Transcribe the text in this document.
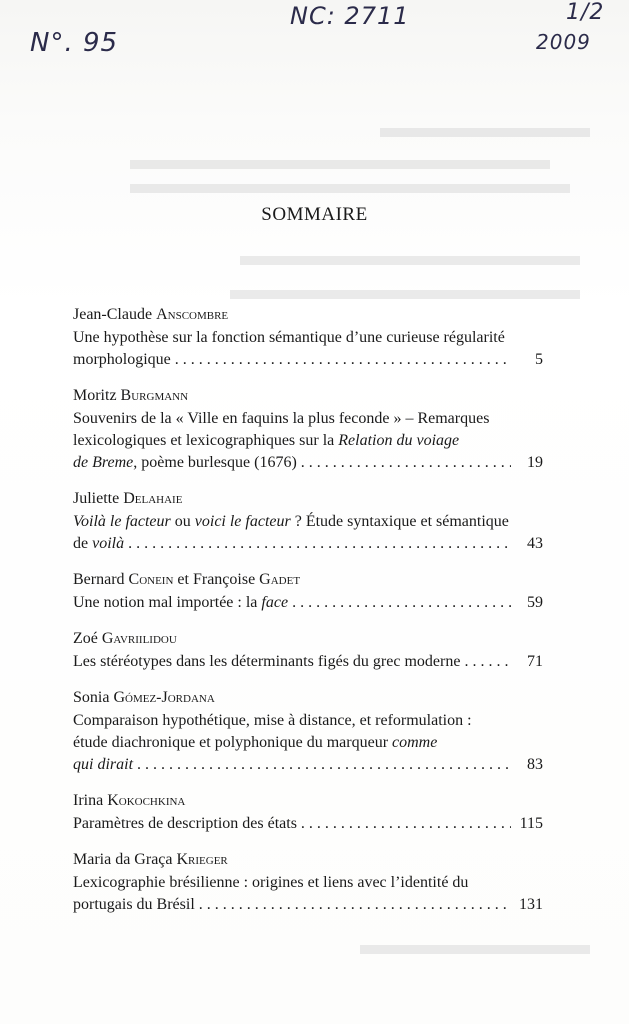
N°. 95
NC: 2711	1/2
2009
SOMMAIRE
Jean-Claude Anscombre
Une hypothèse sur la fonction sémantique d’une curieuse régularité
morphologique . . .	5
Moritz Burgmann
Souvenirs de la « Ville en faquins la plus feconde » – Remarques
lexicologiques et lexicographiques sur la Relation du voiage
de Breme, poème burlesque (1676) . . .	19
Juliette Delahaie
Voilà le facteur ou voici le facteur ? Étude syntaxique et sémantique
de voilà . . .	43
Bernard Conein et Françoise Gadet
Une notion mal importée : la face . . .	59
Zoé Gavriilidou
Les stéréotypes dans les déterminants figés du grec moderne . . .	71
Sonia Gómez-Jordana
Comparaison hypothétique, mise à distance, et reformulation :
étude diachronique et polyphonique du marqueur comme
qui dirait . . .	83
Irina Kokochkina
Paramètres de description des états . . .	115
Maria da Graça Krieger
Lexicographie brésilienne : origines et liens avec l’identité du
portugais du Brésil . . .	131
